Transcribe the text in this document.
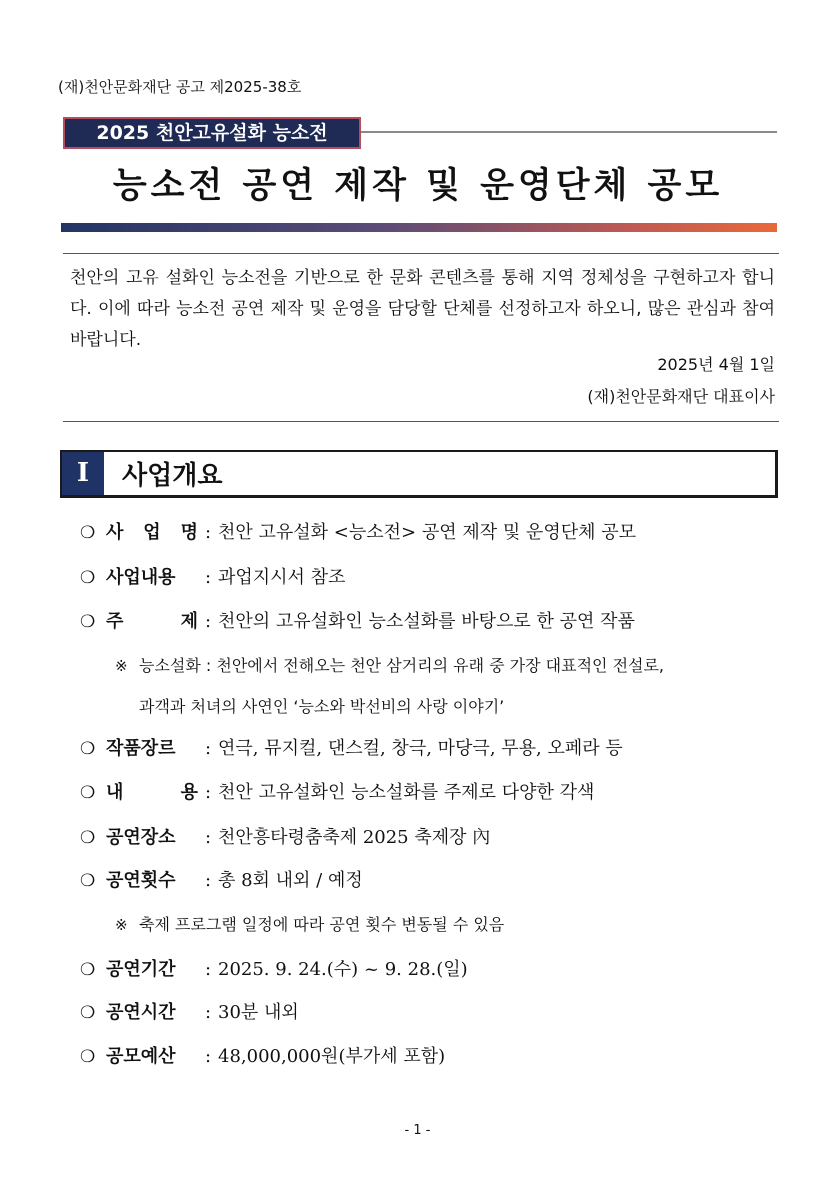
(재)천안문화재단 공고 제2025-38호
2025 천안고유설화 능소전
능소전 공연 제작 및 운영단체 공모
천안의 고유 설화인 능소전을 기반으로 한 문화 콘텐츠를 통해 지역 정체성을 구현하고자 합니다. 이에 따라 능소전 공연 제작 및 운영을 담당할 단체를 선정하고자 하오니, 많은 관심과 참여 바랍니다.
2025년 4월 1일
(재)천안문화재단 대표이사
I	사업개요
❍ 사 업 명 : 천안 고유설화 <능소전> 공연 제작 및 운영단체 공모
❍ 사업내용 : 과업지시서 참조
❍ 주 제 : 천안의 고유설화인 능소설화를 바탕으로 한 공연 작품
※ 능소설화 : 천안에서 전해오는 천안 삼거리의 유래 중 가장 대표적인 전설로,
과객과 처녀의 사연인 ‘능소와 박선비의 사랑 이야기’
❍ 작품장르 : 연극, 뮤지컬, 댄스컬, 창극, 마당극, 무용, 오페라 등
❍ 내 용 : 천안 고유설화인 능소설화를 주제로 다양한 각색
❍ 공연장소 : 천안흥타령춤축제 2025 축제장 內
❍ 공연횟수 : 총 8회 내외 / 예정
※ 축제 프로그램 일정에 따라 공연 횟수 변동될 수 있음
❍ 공연기간 : 2025. 9. 24.(수) ~ 9. 28.(일)
❍ 공연시간 : 30분 내외
❍ 공모예산 : 48,000,000원(부가세 포함)
- 1 -
